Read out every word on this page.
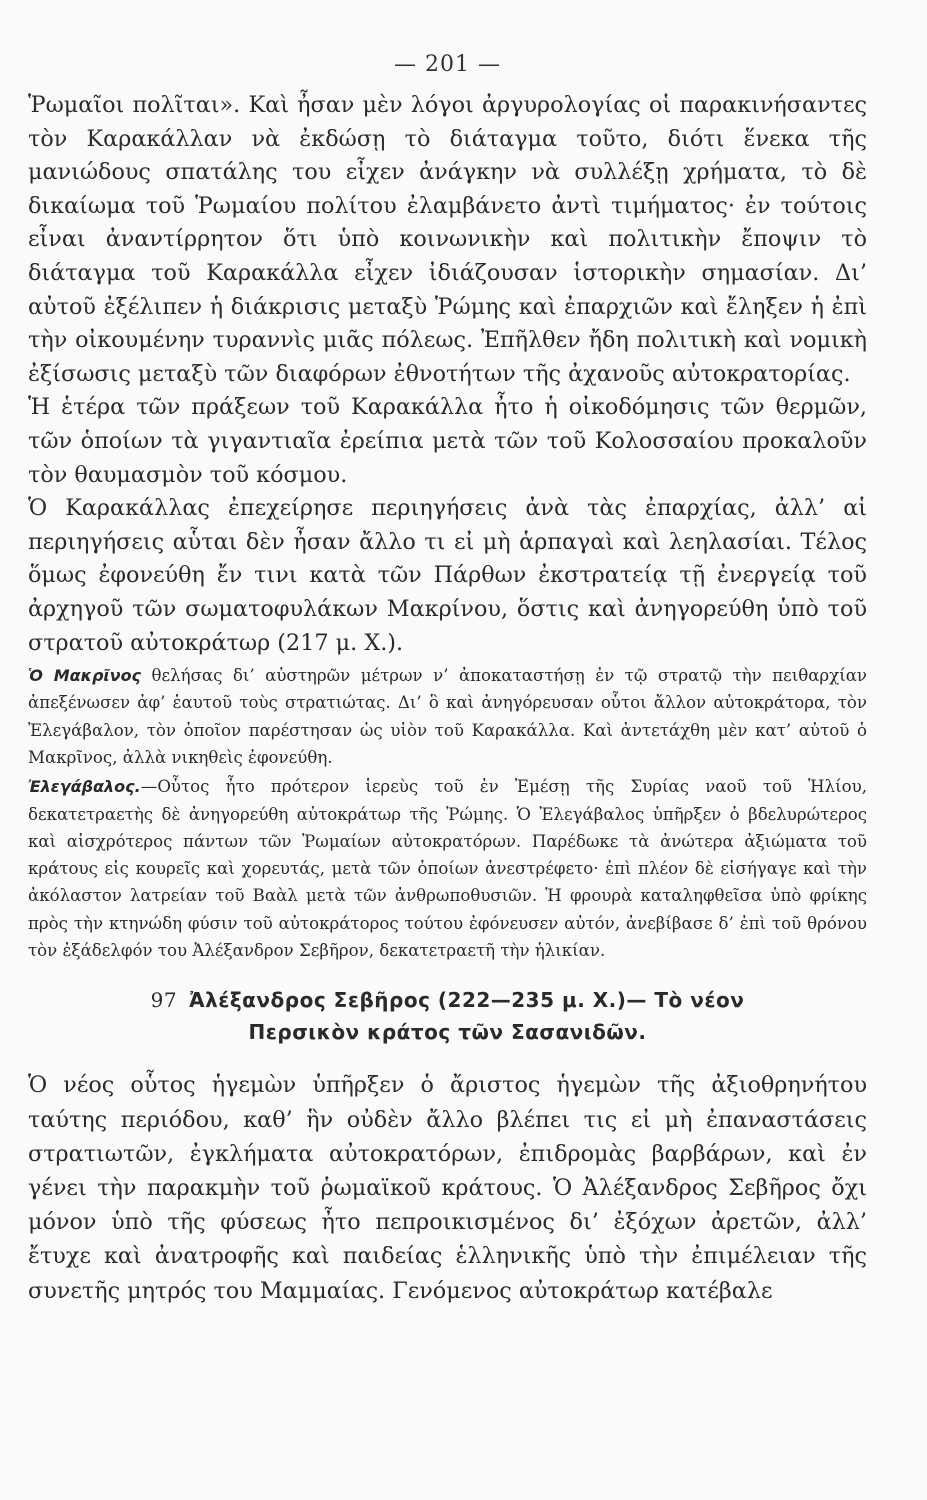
— 201 —

Ῥωμαῖοι πολῖται». Καὶ ἦσαν μὲν λόγοι ἀργυρολογίας οἱ παρακινήσαντες τὸν Καρακάλλαν νὰ ἐκδώσῃ τὸ διάταγμα τοῦτο, διότι ἕνεκα τῆς μανιώδους σπατάλης του εἶχεν ἀνάγκην νὰ συλλέξῃ χρήματα, τὸ δὲ δικαίωμα τοῦ Ῥωμαίου πολίτου ἐλαμβάνετο ἀντὶ τιμήματος· ἐν τούτοις εἶναι ἀναντίρρητον ὅτι ὑπὸ κοινωνικὴν καὶ πολιτικὴν ἔποψιν τὸ διάταγμα τοῦ Καρακάλλα εἶχεν ἰδιάζουσαν ἱστορικὴν σημασίαν. Δι’ αὐτοῦ ἐξέλιπεν ἡ διάκρισις μεταξὺ Ῥώμης καὶ ἐπαρχιῶν καὶ ἔληξεν ἡ ἐπὶ τὴν οἰκουμένην τυραννὶς μιᾶς πόλεως. Ἐπῆλθεν ἤδη πολιτικὴ καὶ νομικὴ ἐξίσωσις μεταξὺ τῶν διαφόρων ἐθνοτήτων τῆς ἀχανοῦς αὐτοκρατορίας.

Ἡ ἑτέρα τῶν πράξεων τοῦ Καρακάλλα ἦτο ἡ οἰκοδόμησις τῶν θερμῶν, τῶν ὁποίων τὰ γιγαντιαῖα ἐρείπια μετὰ τῶν τοῦ Κολοσσαίου προκαλοῦν τὸν θαυμασμὸν τοῦ κόσμου.

Ὁ Καρακάλλας ἐπεχείρησε περιηγήσεις ἀνὰ τὰς ἐπαρχίας, ἀλλ’ αἱ περιηγήσεις αὗται δὲν ἦσαν ἄλλο τι εἰ μὴ ἁρπαγαὶ καὶ λεηλασίαι. Τέλος ὅμως ἐφονεύθη ἔν τινι κατὰ τῶν Πάρθων ἐκστρατείᾳ τῇ ἐνεργείᾳ τοῦ ἀρχηγοῦ τῶν σωματοφυλάκων Μακρίνου, ὅστις καὶ ἀνηγορεύθη ὑπὸ τοῦ στρατοῦ αὐτοκράτωρ (217 μ. Χ.).

Ὁ Μακρῖνος θελήσας δι’ αὐστηρῶν μέτρων ν’ ἀποκαταστήσῃ ἐν τῷ στρατῷ τὴν πειθαρχίαν ἀπεξένωσεν ἀφ’ ἑαυτοῦ τοὺς στρατιώτας. Δι’ ὃ καὶ ἀνηγόρευσαν οὗτοι ἄλλον αὐτοκράτορα, τὸν Ἐλεγάβαλον, τὸν ὁποῖον παρέστησαν ὡς υἱὸν τοῦ Καρακάλλα. Καὶ ἀντετάχθη μὲν κατ’ αὐτοῦ ὁ Μακρῖνος, ἀλλὰ νικηθεὶς ἐφονεύθη.
Ἐλεγάβαλος.—Οὗτος ἦτο πρότερον ἱερεὺς τοῦ ἐν Ἐμέσῃ τῆς Συρίας ναοῦ τοῦ Ἡλίου, δεκατετραετὴς δὲ ἀνηγορεύθη αὐτοκράτωρ τῆς Ῥώμης. Ὁ Ἐλεγάβαλος ὑπῆρξεν ὁ βδελυρώτερος καὶ αἰσχρότερος πάντων τῶν Ῥωμαίων αὐτοκρατόρων. Παρέδωκε τὰ ἀνώτερα ἀξιώματα τοῦ κράτους εἰς κουρεῖς καὶ χορευτάς, μετὰ τῶν ὁποίων ἀνεστρέφετο· ἐπὶ πλέον δὲ εἰσήγαγε καὶ τὴν ἀκόλαστον λατρείαν τοῦ Βαὰλ μετὰ τῶν ἀνθρωποθυσιῶν. Ἡ φρουρὰ καταληφθεῖσα ὑπὸ φρίκης πρὸς τὴν κτηνώδη φύσιν τοῦ αὐτοκράτορος τούτου ἐφόνευσεν αὐτόν, ἀνεβίβασε δ’ ἐπὶ τοῦ θρόνου τὸν ἐξάδελφόν του Ἀλέξανδρον Σεβῆρον, δεκατετραετῆ τὴν ἡλικίαν.
97 Ἀλέξανδρος Σεβῆρος (222—235 μ. Χ.)— Τὸ νέον
Περσικὸν κράτος τῶν Σασανιδῶν.

Ὁ νέος οὗτος ἡγεμὼν ὑπῆρξεν ὁ ἄριστος ἡγεμὼν τῆς ἀξιοθρηνήτου ταύτης περιόδου, καθ’ ἣν οὐδὲν ἄλλο βλέπει τις εἰ μὴ ἐπαναστάσεις στρατιωτῶν, ἐγκλήματα αὐτοκρατόρων, ἐπιδρομὰς βαρβάρων, καὶ ἐν γένει τὴν παρακμὴν τοῦ ῥωμαϊκοῦ κράτους. Ὁ Ἀλέξανδρος Σεβῆρος ὄχι μόνον ὑπὸ τῆς φύσεως ἦτο πεπροικισμένος δι’ ἐξόχων ἀρετῶν, ἀλλ’ ἔτυχε καὶ ἀνατροφῆς καὶ παιδείας ἑλληνικῆς ὑπὸ τὴν ἐπιμέλειαν τῆς συνετῆς μητρός του Μαμμαίας. Γενόμενος αὐτοκράτωρ κατέβαλε
